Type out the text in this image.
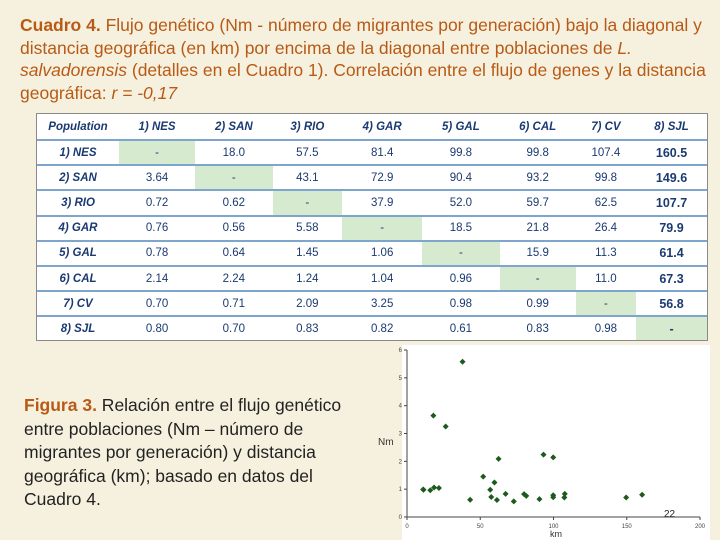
Cuadro 4. Flujo genético (Nm - número de migrantes por generación) bajo la diagonal y distancia geográfica (en km) por encima de la diagonal entre poblaciones de L. salvadorensis (detalles en el Cuadro 1). Correlación entre el flujo de genes y la distancia geográfica: r = -0,17
Population	1) NES	2) SAN	3) RIO	4) GAR	5) GAL	6) CAL	7) CV	8) SJL
1) NES	-	18.0	57.5	81.4	99.8	99.8	107.4	160.5
2) SAN	3.64	-	43.1	72.9	90.4	93.2	99.8	149.6
3) RIO	0.72	0.62	-	37.9	52.0	59.7	62.5	107.7
4) GAR	0.76	0.56	5.58	-	18.5	21.8	26.4	79.9
5) GAL	0.78	0.64	1.45	1.06	-	15.9	11.3	61.4
6) CAL	2.14	2.24	1.24	1.04	0.96	-	11.0	67.3
7) CV	0.70	0.71	2.09	3.25	0.98	0.99	-	56.8
8) SJL	0.80	0.70	0.83	0.82	0.61	0.83	0.98	-
Figura 3. Relación entre el flujo genético entre poblaciones (Nm – número de migrantes por generación) y distancia geográfica (km); basado en datos del Cuadro 4.
Nm
km
0	50	100	150	200
0
1
2
3
4
5
6
22
